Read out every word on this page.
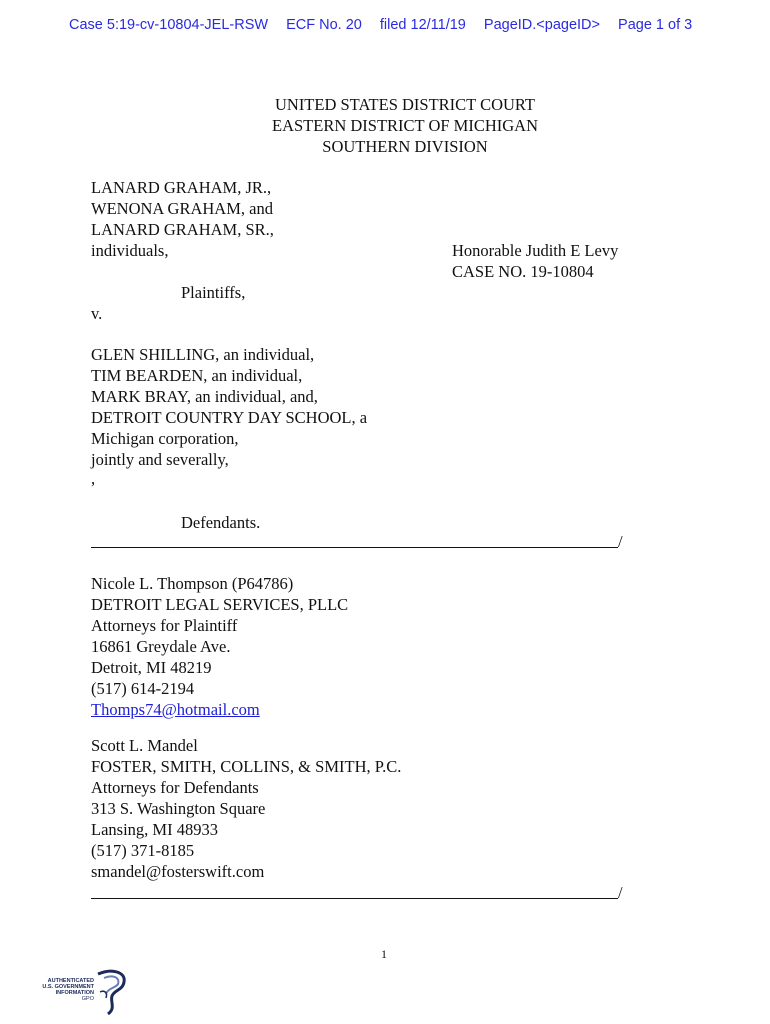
Case 5:19-cv-10804-JEL-RSW ECF No. 20 filed 12/11/19 PageID.<pageID> Page 1 of 3
UNITED STATES DISTRICT COURT
EASTERN DISTRICT OF MICHIGAN
SOUTHERN DIVISION
LANARD GRAHAM, JR.,
WENONA GRAHAM, and
LANARD GRAHAM, SR.,
individuals,	Honorable Judith E Levy
CASE NO. 19-10804
Plaintiffs,
v.
GLEN SHILLING, an individual,
TIM BEARDEN, an individual,
MARK BRAY, an individual, and,
DETROIT COUNTRY DAY SCHOOL, a
Michigan corporation,
jointly and severally,
,
Defendants.
/
Nicole L. Thompson (P64786)
DETROIT LEGAL SERVICES, PLLC
Attorneys for Plaintiff
16861 Greydale Ave.
Detroit, MI 48219
(517) 614-2194
Thomps74@hotmail.com
Scott L. Mandel
FOSTER, SMITH, COLLINS, & SMITH, P.C.
Attorneys for Defendants
313 S. Washington Square
Lansing, MI 48933
(517) 371-8185
smandel@fosterswift.com
/
1
AUTHENTICATED
U.S. GOVERNMENT
INFORMATION
GPO
